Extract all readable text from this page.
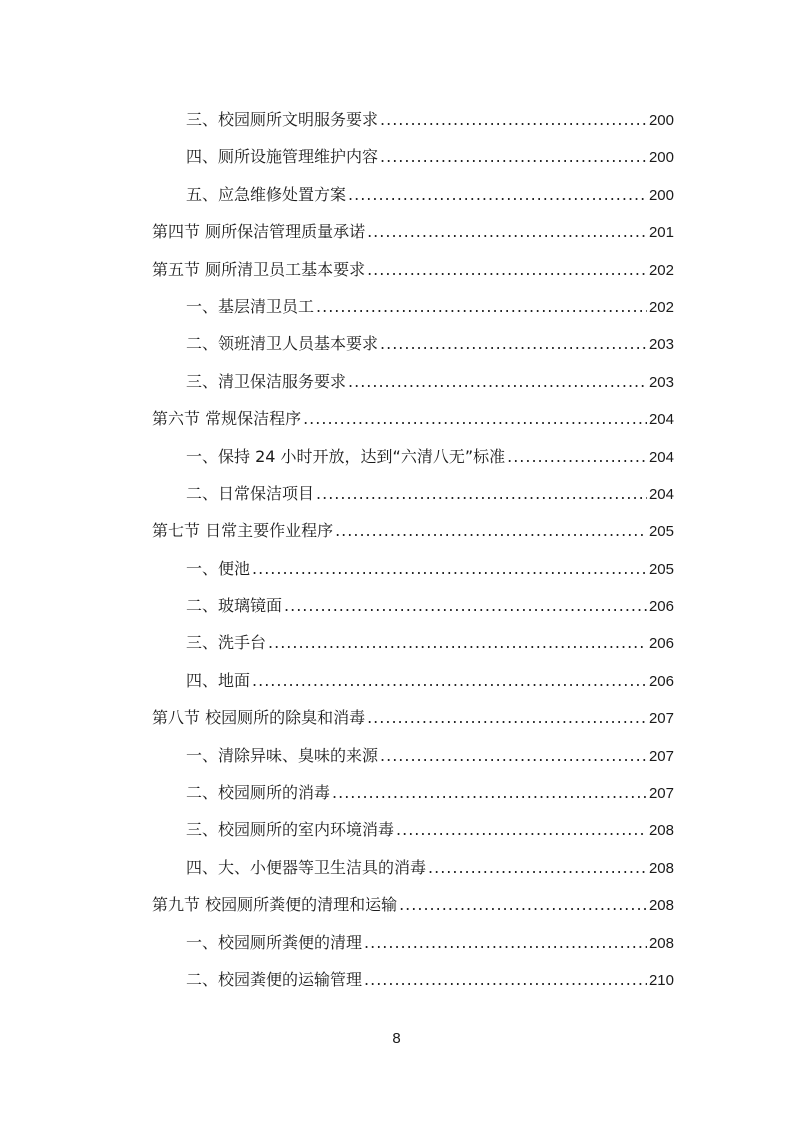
三、校园厕所文明服务要求 .....	200
四、厕所设施管理维护内容 .....	200
五、应急维修处置方案 .....	200
第四节 厕所保洁管理质量承诺 .....	201
第五节 厕所清卫员工基本要求 .....	202
一、基层清卫员工 .....	202
二、领班清卫人员基本要求 .....	203
三、清卫保洁服务要求 .....	203
第六节 常规保洁程序 .....	204
一、保持 24 小时开放，达到“六清八无”标准 .....	204
二、日常保洁项目 .....	204
第七节 日常主要作业程序 .....	205
一、便池 .....	205
二、玻璃镜面 .....	206
三、洗手台 .....	206
四、地面 .....	206
第八节 校园厕所的除臭和消毒 .....	207
一、清除异味、臭味的来源 .....	207
二、校园厕所的消毒 .....	207
三、校园厕所的室内环境消毒 .....	208
四、大、小便器等卫生洁具的消毒 .....	208
第九节 校园厕所粪便的清理和运输 .....	208
一、校园厕所粪便的清理 .....	208
二、校园粪便的运输管理 .....	210
8
